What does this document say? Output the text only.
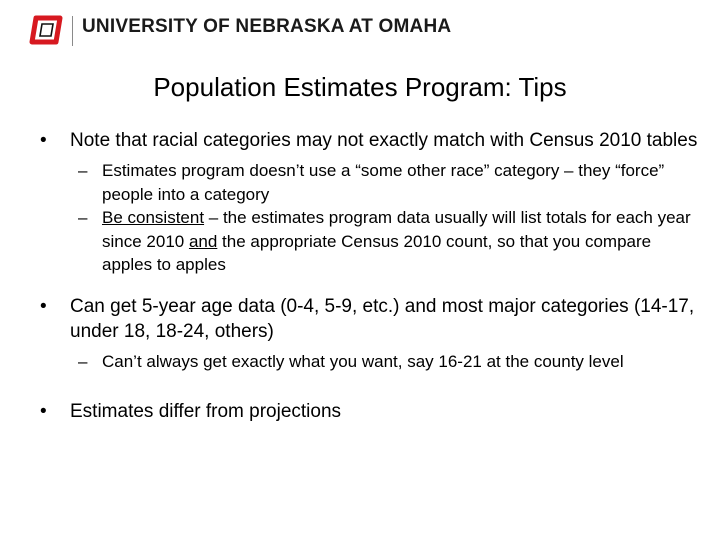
UNIVERSITY OF NEBRASKA AT OMAHA
Population Estimates Program: Tips

• Note that racial categories may not exactly match with Census 2010 tables

– Estimates program doesn’t use a “some other race” category – they “force” people into a category

– Be consistent – the estimates program data usually will list totals for each year since 2010 and the appropriate Census 2010 count, so that you compare apples to apples

• Can get 5-year age data (0-4, 5-9, etc.) and most major categories (14-17, under 18, 18-24, others)

– Can’t always get exactly what you want, say 16-21 at the county level

• Estimates differ from projections
